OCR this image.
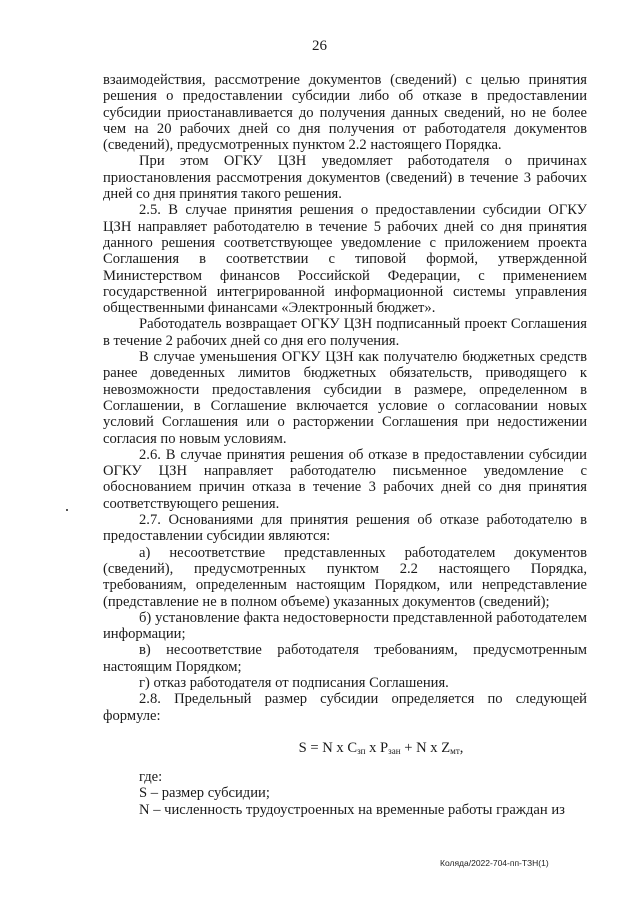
26

взаимодействия, рассмотрение документов (сведений) с целью принятия решения о предоставлении субсидии либо об отказе в предоставлении субсидии приостанавливается до получения данных сведений, но не более чем на 20 рабочих дней со дня получения от работодателя документов (сведений), предусмотренных пунктом 2.2 настоящего Порядка.

При этом ОГКУ ЦЗН уведомляет работодателя о причинах приостановления рассмотрения документов (сведений) в течение 3 рабочих дней со дня принятия такого решения.

2.5. В случае принятия решения о предоставлении субсидии ОГКУ ЦЗН направляет работодателю в течение 5 рабочих дней со дня принятия данного решения соответствующее уведомление с приложением проекта Соглашения в соответствии с типовой формой, утвержденной Министерством финансов Российской Федерации, с применением государственной интегрированной информационной системы управления общественными финансами «Электронный бюджет».

Работодатель возвращает ОГКУ ЦЗН подписанный проект Соглашения в течение 2 рабочих дней со дня его получения.

В случае уменьшения ОГКУ ЦЗН как получателю бюджетных средств ранее доведенных лимитов бюджетных обязательств, приводящего к невозможности предоставления субсидии в размере, определенном в Соглашении, в Соглашение включается условие о согласовании новых условий Соглашения или о расторжении Соглашения при недостижении согласия по новым условиям.

2.6. В случае принятия решения об отказе в предоставлении субсидии ОГКУ ЦЗН направляет работодателю письменное уведомление с обоснованием причин отказа в течение 3 рабочих дней со дня принятия соответствующего решения.

2.7. Основаниями для принятия решения об отказе работодателю в предоставлении субсидии являются:

а) несоответствие представленных работодателем документов (сведений), предусмотренных пунктом 2.2 настоящего Порядка, требованиям, определенным настоящим Порядком, или непредставление (представление не в полном объеме) указанных документов (сведений);

б) установление факта недостоверности представленной работодателем информации;

в) несоответствие работодателя требованиям, предусмотренным настоящим Порядком;

г) отказ работодателя от подписания Соглашения.

2.8. Предельный размер субсидии определяется по следующей формуле:

S = N x $C_{зп}$ x $P_{зан} + N$ x $Z_{мт}$,

где:

S – размер субсидии;

N – численность трудоустроенных на временные работы граждан из

Коляда/2022-704-пп-ТЗН(1)
